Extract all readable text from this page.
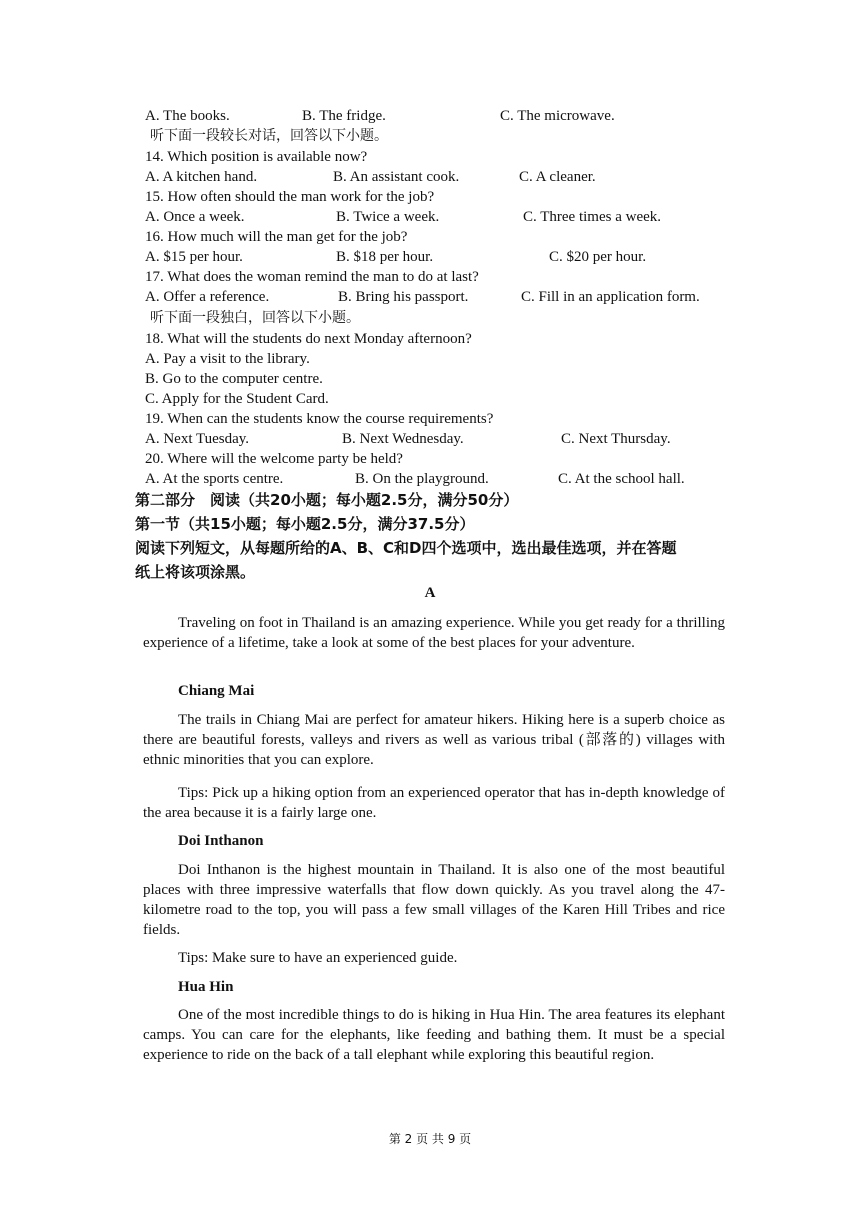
A. The books.	B. The fridge.	C. The microwave.
听下面一段较长对话，回答以下小题。
14. Which position is available now?
A. A kitchen hand.	B. An assistant cook.	C. A cleaner.
15. How often should the man work for the job?
A. Once a week.	B. Twice a week.	C. Three times a week.
16. How much will the man get for the job?
A. $15 per hour.	B. $18 per hour.	C. $20 per hour.
17. What does the woman remind the man to do at last?
A. Offer a reference.	B. Bring his passport.	C. Fill in an application form.
听下面一段独白，回答以下小题。
18. What will the students do next Monday afternoon?
A. Pay a visit to the library.
B. Go to the computer centre.
C. Apply for the Student Card.
19. When can the students know the course requirements?
A. Next Tuesday.	B. Next Wednesday.	C. Next Thursday.
20. Where will the welcome party be held?
A. At the sports centre.	B. On the playground.	C. At the school hall.
第二部分　阅读（共20小题；每小题2.5分，满分50分）
第一节（共15小题；每小题2.5分，满分37.5分）
阅读下列短文，从每题所给的A、B、C和D四个选项中，选出最佳选项，并在答题
纸上将该项涂黑。
A
Traveling on foot in Thailand is an amazing experience. While you get ready for a thrilling experience of a lifetime, take a look at some of the best places for your adventure.
Chiang Mai
The trails in Chiang Mai are perfect for amateur hikers. Hiking here is a superb choice as there are beautiful forests, valleys and rivers as well as various tribal (部落的) villages with ethnic minorities that you can explore.
Tips: Pick up a hiking option from an experienced operator that has in-depth knowledge of the area because it is a fairly large one.
Doi Inthanon
Doi Inthanon is the highest mountain in Thailand. It is also one of the most beautiful places with three impressive waterfalls that flow down quickly. As you travel along the 47-kilometre road to the top, you will pass a few small villages of the Karen Hill Tribes and rice fields.
Tips: Make sure to have an experienced guide.
Hua Hin
One of the most incredible things to do is hiking in Hua Hin. The area features its elephant camps. You can care for the elephants, like feeding and bathing them. It must be a special experience to ride on the back of a tall elephant while exploring this beautiful region.
第 2 页 共 9 页
